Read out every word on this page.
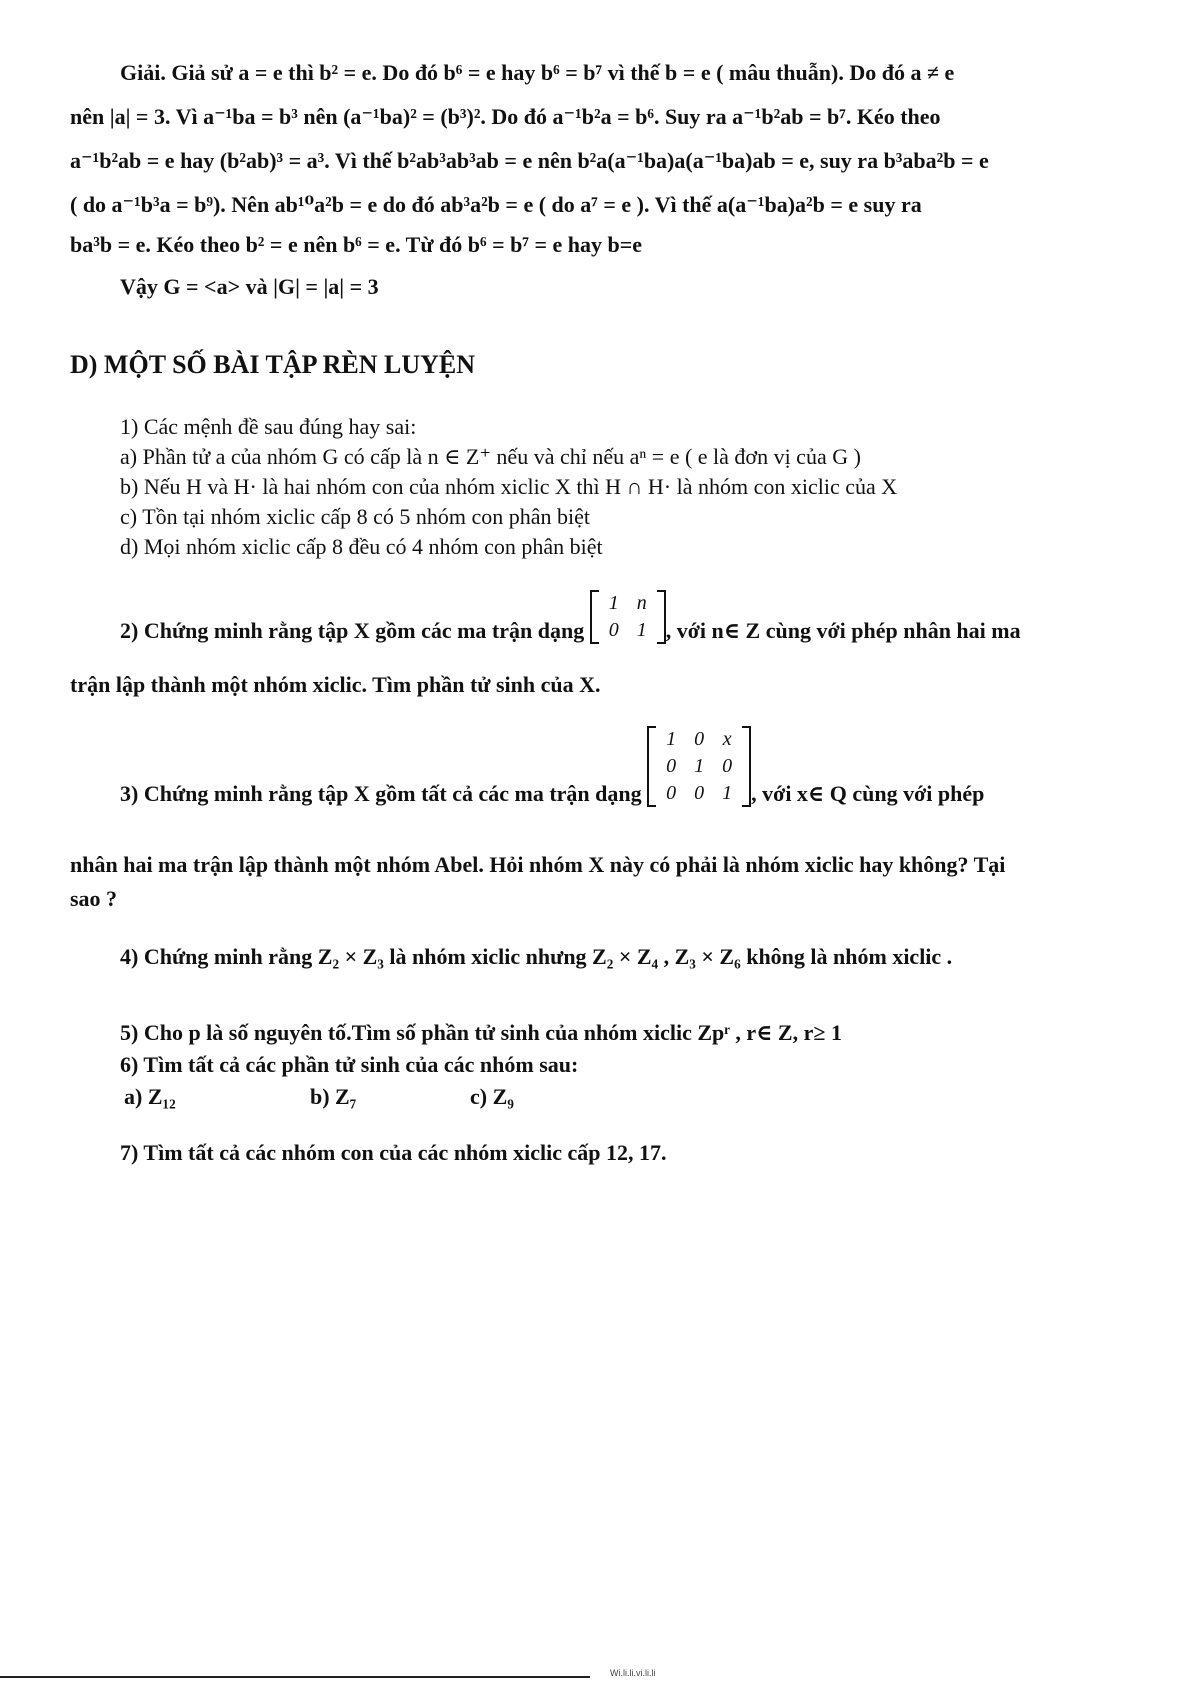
Giải. Giả sử a = e thì b² = e. Do đó b⁶ = e hay b⁶ = b⁷ vì thế b = e ( mâu thuẫn). Do đó a ≠ e
nên |a| = 3. Vì a⁻¹ba = b³ nên (a⁻¹ba)² = (b³)². Do đó a⁻¹b²a = b⁶. Suy ra a⁻¹b²ab = b⁷. Kéo theo
a⁻¹b²ab = e hay (b²ab)³ = a³. Vì thế b²ab³ab³ab = e nên b²a(a⁻¹ba)a(a⁻¹ba)ab = e, suy ra b³aba²b = e
( do a⁻¹b³a = b⁹). Nên ab¹⁰a²b = e do đó ab³a²b = e ( do a⁷ = e ). Vì thế a(a⁻¹ba)a²b = e suy ra
ba³b = e. Kéo theo b² = e nên b⁶ = e. Từ đó b⁶ = b⁷ = e hay b=e
Vậy G = <a> và |G| = |a| = 3
D) MỘT SỐ BÀI TẬP RÈN LUYỆN
1) Các mệnh đề sau đúng hay sai:
a) Phần tử a của nhóm G có cấp là n ∈ Z⁺ nếu và chỉ nếu aⁿ = e ( e là đơn vị của G )
b) Nếu H và H· là hai nhóm con của nhóm xiclic X thì H ∩ H· là nhóm con xiclic của X
c) Tồn tại nhóm xiclic cấp 8 có 5 nhóm con phân biệt
d) Mọi nhóm xiclic cấp 8 đều có 4 nhóm con phân biệt
2) Chứng minh rằng tập X gồm các ma trận dạng
1	n
0	1 , với n∈ Z cùng với phép nhân hai ma
trận lập thành một nhóm xiclic. Tìm phần tử sinh của X.
3) Chứng minh rằng tập X gồm tất cả các ma trận dạng
1	0	x
0	1	0
0	0	1 , với x∈ Q cùng với phép
nhân hai ma trận lập thành một nhóm Abel. Hỏi nhóm X này có phải là nhóm xiclic hay không? Tại
sao ?
4) Chứng minh rằng Z₂ × Z₃ là nhóm xiclic nhưng Z₂ × Z₄ , Z₃ × Z₆ không là nhóm xiclic .
5) Cho p là số nguyên tố.Tìm số phần tử sinh của nhóm xiclic Zpʳ , r∈ Z, r≥ 1
6) Tìm tất cả các phần tử sinh của các nhóm sau:
a) Z₁₂	b) Z₇	c) Z₉
7) Tìm tất cả các nhóm con của các nhóm xiclic cấp 12, 17.
Wi.li.li.vi.li.li
